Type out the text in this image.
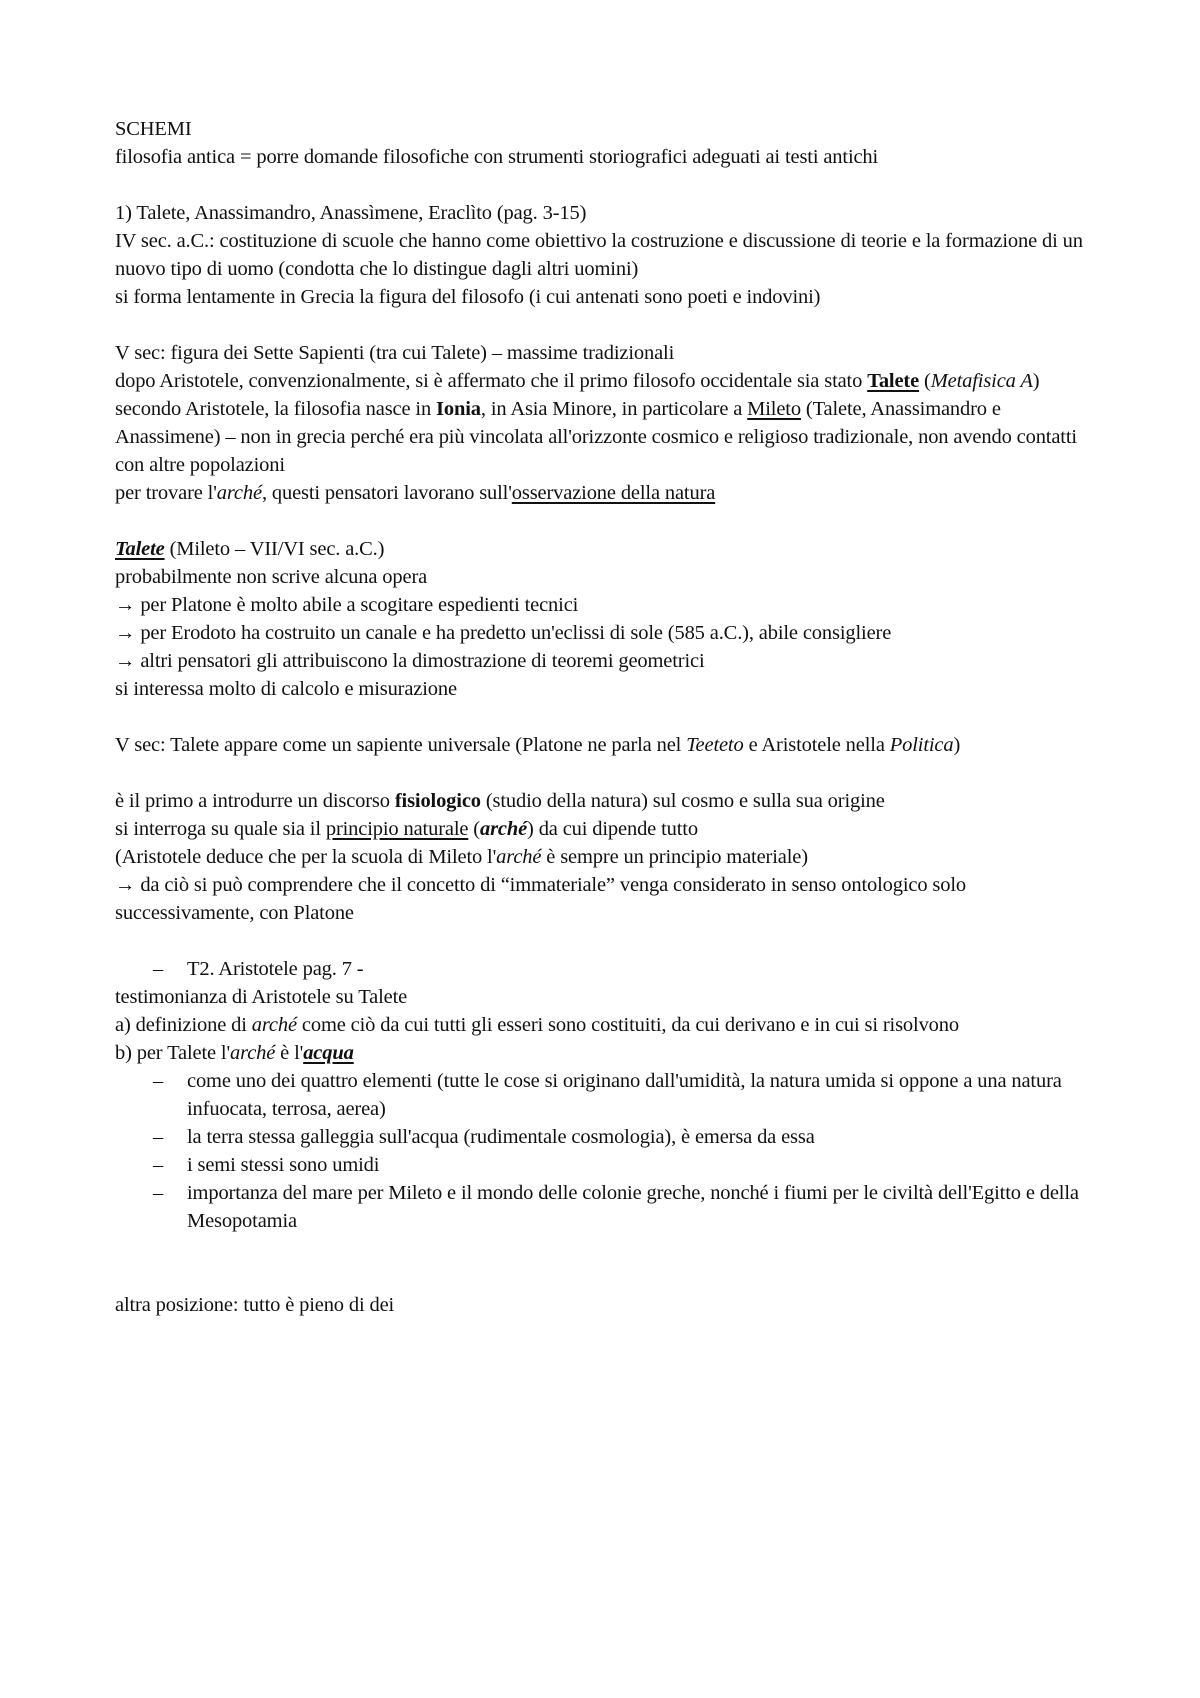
SCHEMI

filosofia antica = porre domande filosofiche con strumenti storiografici adeguati ai testi antichi

1) Talete, Anassimandro, Anassìmene, Eraclìto (pag. 3-15)

IV sec. a.C.: costituzione di scuole che hanno come obiettivo la costruzione e discussione di teorie e la formazione di un nuovo tipo di uomo (condotta che lo distingue dagli altri uomini)

si forma lentamente in Grecia la figura del filosofo (i cui antenati sono poeti e indovini)

V sec: figura dei Sette Sapienti (tra cui Talete) – massime tradizionali

dopo Aristotele, convenzionalmente, si è affermato che il primo filosofo occidentale sia stato Talete (Metafisica A)

secondo Aristotele, la filosofia nasce in Ionia, in Asia Minore, in particolare a Mileto (Talete, Anassimandro e Anassimene) – non in grecia perché era più vincolata all'orizzonte cosmico e religioso tradizionale, non avendo contatti con altre popolazioni

per trovare l'arché, questi pensatori lavorano sull'osservazione della natura

Talete (Mileto – VII/VI sec. a.C.)

probabilmente non scrive alcuna opera

→ per Platone è molto abile a scogitare espedienti tecnici

→ per Erodoto ha costruito un canale e ha predetto un'eclissi di sole (585 a.C.), abile consigliere

→ altri pensatori gli attribuiscono la dimostrazione di teoremi geometrici

si interessa molto di calcolo e misurazione

V sec: Talete appare come un sapiente universale (Platone ne parla nel Teeteto e Aristotele nella Politica)

è il primo a introdurre un discorso fisiologico (studio della natura) sul cosmo e sulla sua origine

si interroga su quale sia il principio naturale (arché) da cui dipende tutto

(Aristotele deduce che per la scuola di Mileto l'arché è sempre un principio materiale)

→ da ciò si può comprendere che il concetto di “immateriale” venga considerato in senso ontologico solo successivamente, con Platone

– T2. Aristotele pag. 7 -

testimonianza di Aristotele su Talete

a) definizione di arché come ciò da cui tutti gli esseri sono costituiti, da cui derivano e in cui si risolvono

b) per Talete l'arché è l'acqua

– come uno dei quattro elementi (tutte le cose si originano dall'umidità, la natura umida si oppone a una natura infuocata, terrosa, aerea)

– la terra stessa galleggia sull'acqua (rudimentale cosmologia), è emersa da essa

– i semi stessi sono umidi

– importanza del mare per Mileto e il mondo delle colonie greche, nonché i fiumi per le civiltà dell'Egitto e della Mesopotamia

altra posizione: tutto è pieno di dei
